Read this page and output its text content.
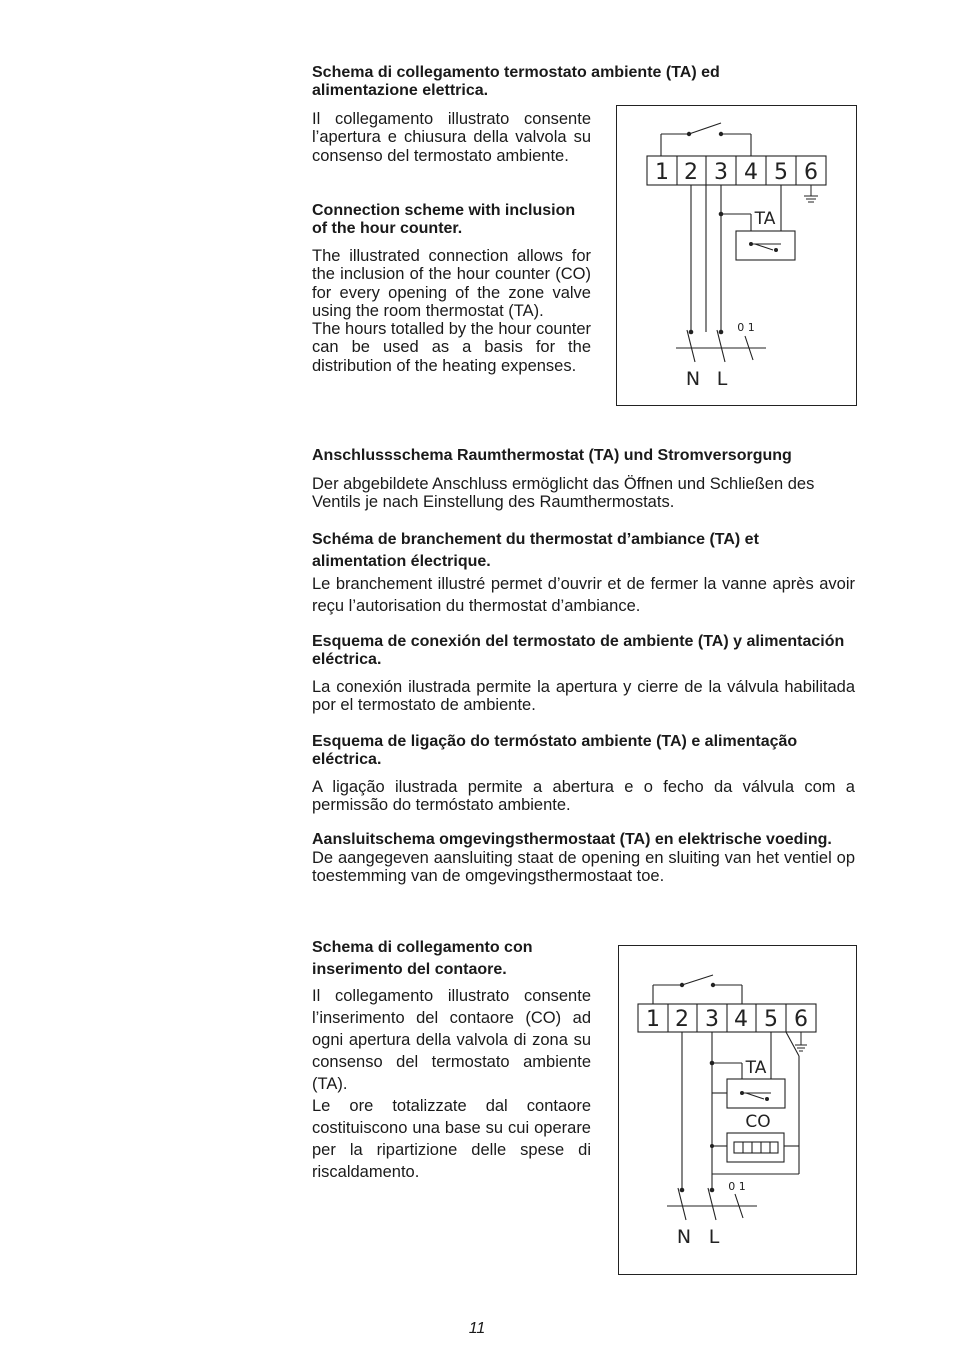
Schema di collegamento termostato ambiente (TA) ed alimentazione elettrica.

Il collegamento illustrato consente l’apertura e chiusura della valvola su consenso del termostato ambiente.

Connection scheme with inclusion of the hour counter.

The illustrated connection allows for the inclusion of the hour counter (CO) for every opening of the zone valve using the room thermostat (TA).

The hours totalled by the hour counter can be used as a basis for the distribution of the heating expenses.

1 2 3 4 5 6
TA
0 1
N L

Anschlussschema Raumthermostat (TA) und Stromversorgung

Der abgebildete Anschluss ermöglicht das Öffnen und Schließen des Ventils je nach Einstellung des Raumthermostats.

Schéma de branchement du thermostat d’ambiance (TA) et alimentation électrique.

Le branchement illustré permet d’ouvrir et de fermer la vanne après avoir reçu l’autorisation du thermostat d’ambiance.

Esquema de conexión del termostato de ambiente (TA) y alimentación eléctrica.

La conexión ilustrada permite la apertura y cierre de la válvula habilitada por el termostato de ambiente.

Esquema de ligação do termóstato ambiente (TA) e alimentação eléctrica.

A ligação ilustrada permite a abertura e o fecho da válvula com a permissão do termóstato ambiente.

Aansluitschema omgevingsthermostaat (TA) en elektrische voeding.

De aangegeven aansluiting staat de opening en sluiting van het ventiel op toestemming van de omgevingsthermostaat toe.

Schema di collegamento con inserimento del contaore.

Il collegamento illustrato consente l’inserimento del contaore (CO) ad ogni apertura della valvola di zona su consenso del termostato ambiente (TA).

Le ore totalizzate dal contaore costituiscono una base su cui operare per la ripartizione delle spese di riscaldamento.

1 2 3 4 5 6
TA
CO
0 1
N L
11
